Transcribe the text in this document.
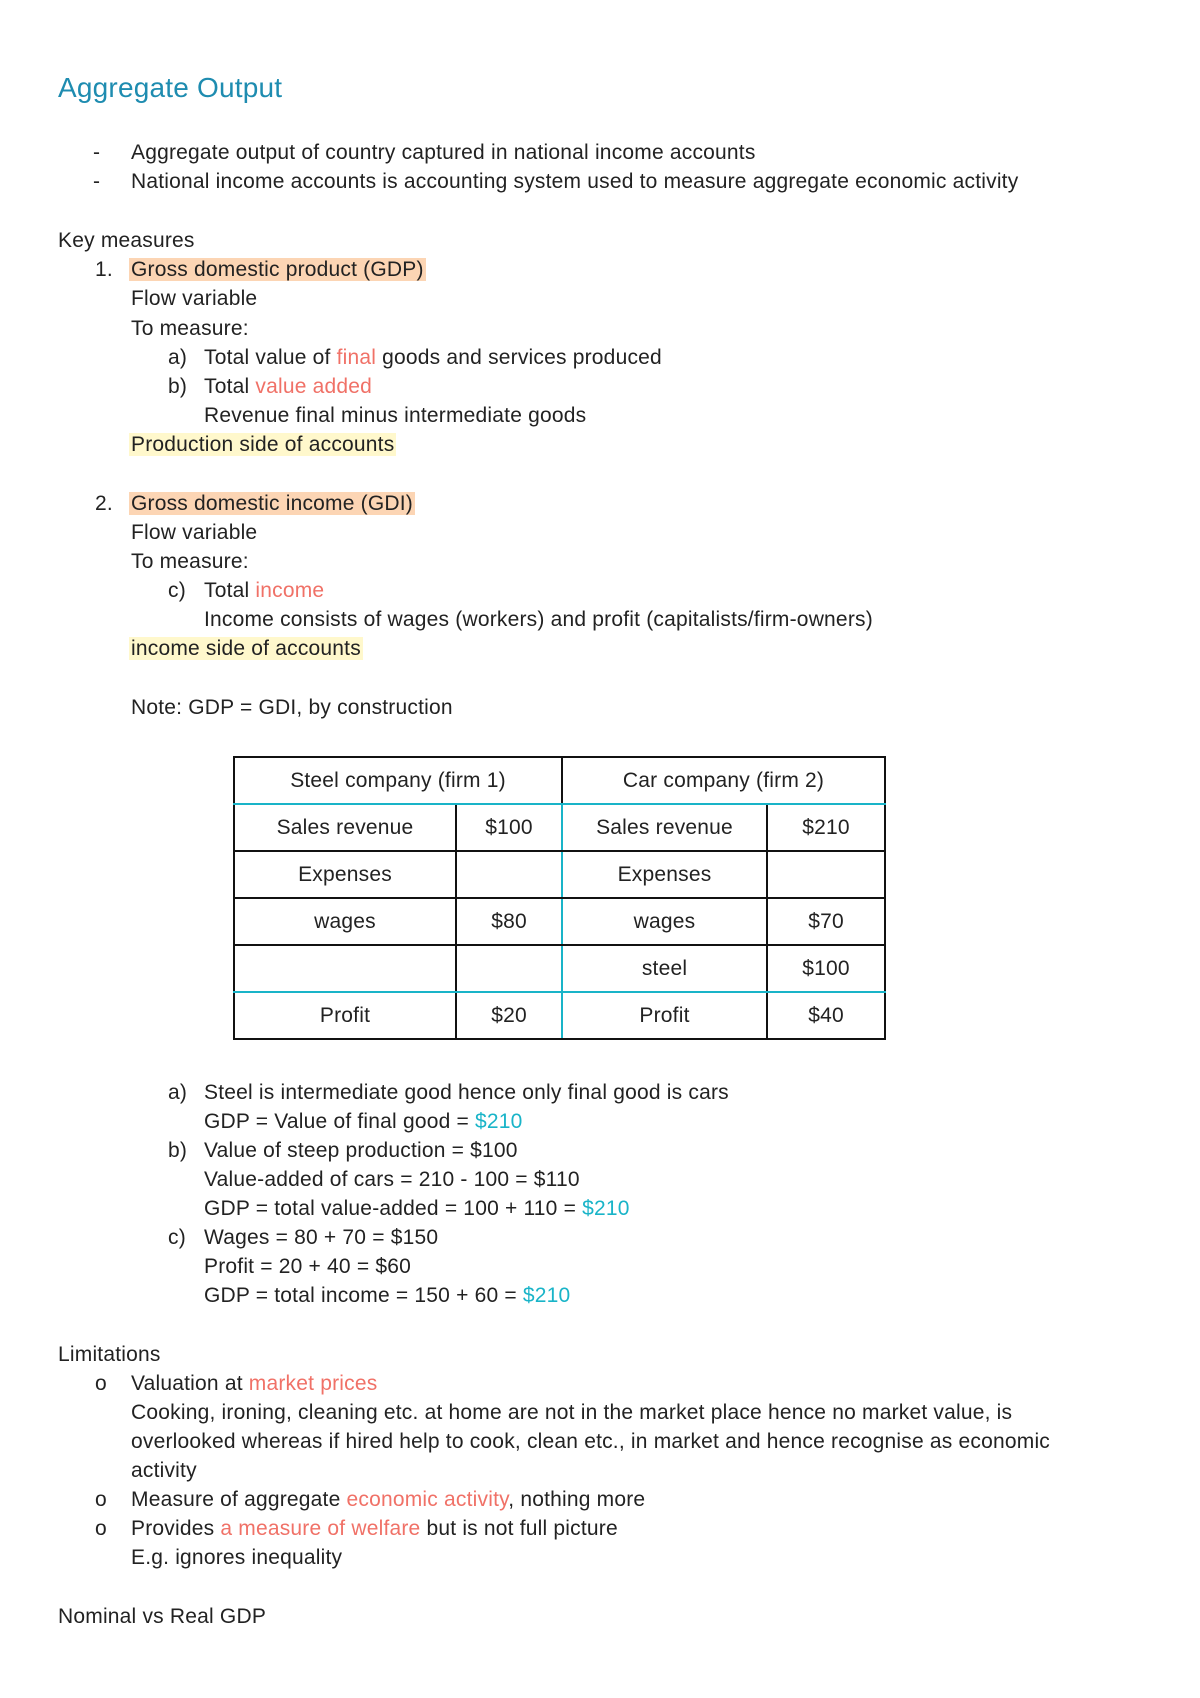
Aggregate Output
- Aggregate output of country captured in national income accounts
- National income accounts is accounting system used to measure aggregate economic activity
Key measures
1. Gross domestic product (GDP)
Flow variable
To measure:
a) Total value of final goods and services produced
b) Total value added
Revenue final minus intermediate goods
Production side of accounts
2. Gross domestic income (GDI)
Flow variable
To measure:
c) Total income
Income consists of wages (workers) and profit (capitalists/firm-owners)
income side of accounts
Note: GDP = GDI, by construction
Steel company (firm 1)		Car company (firm 2)	
Sales revenue	$100	Sales revenue	$210
Expenses		Expenses	
wages	$80	wages	$70
		steel	$100
Profit	$20	Profit	$40
a) Steel is intermediate good hence only final good is cars
GDP = Value of final good = $210
b) Value of steep production = $100
Value-added of cars = 210 - 100 = $110
GDP = total value-added = 100 + 110 = $210
c) Wages = 80 + 70 = $150
Profit = 20 + 40 = $60
GDP = total income = 150 + 60 = $210
Limitations
o Valuation at market prices
Cooking, ironing, cleaning etc. at home are not in the market place hence no market value, is
overlooked whereas if hired help to cook, clean etc., in market and hence recognise as economic
activity
o Measure of aggregate economic activity, nothing more
o Provides a measure of welfare but is not full picture
E.g. ignores inequality
Nominal vs Real GDP
